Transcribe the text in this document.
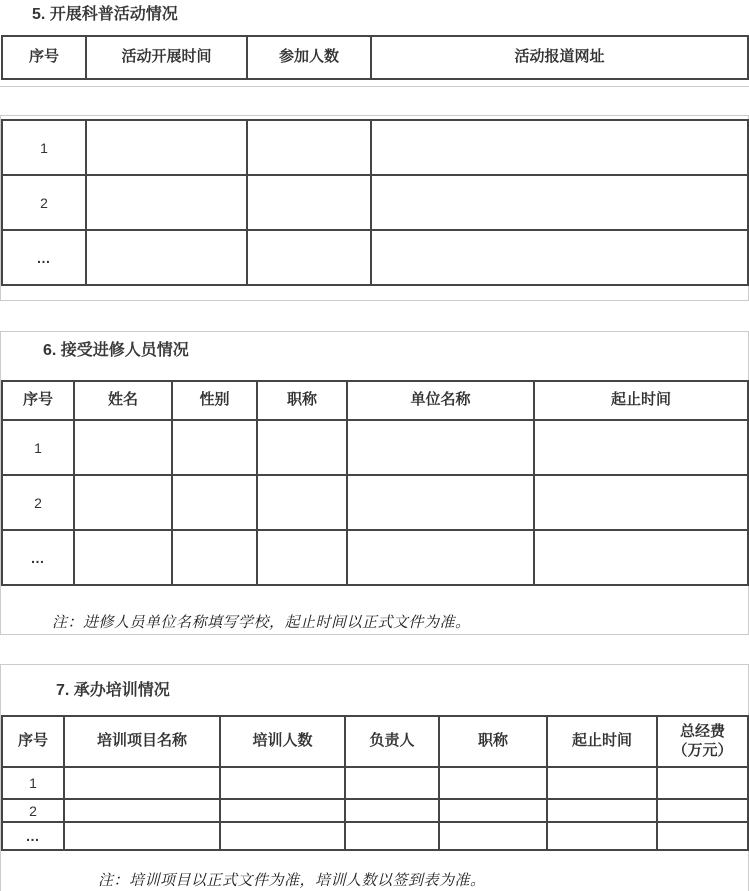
5. 开展科普活动情况
序号	活动开展时间	参加人数	活动报道网址
1			
2			
…			
6. 接受进修人员情况
序号	姓名	性别	职称	单位名称	起止时间
1					
2					
…					
注：进修人员单位名称填写学校，起止时间以正式文件为准。
7. 承办培训情况
序号	培训项目名称	培训人数	负责人	职称	起止时间	总经费
（万元）

1						
2						
…						
注：培训项目以正式文件为准，培训人数以签到表为准。
